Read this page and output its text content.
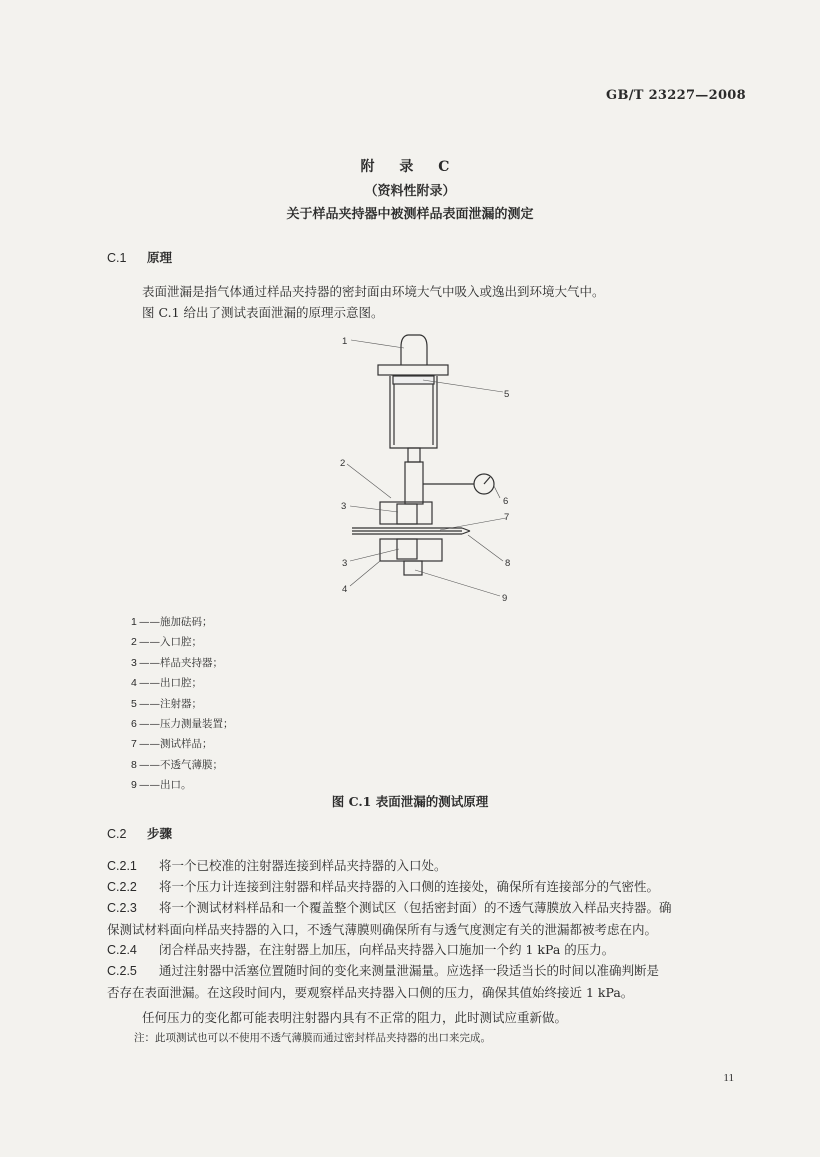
GB/T 23227—2008
附 录 C
（资料性附录）
关于样品夹持器中被测样品表面泄漏的测定
C.1 原理
表面泄漏是指气体通过样品夹持器的密封面由环境大气中吸入或逸出到环境大气中。
图 C.1 给出了测试表面泄漏的原理示意图。
1
2
3
3
4
5
6
7
8
9
1 ——施加砝码；
2 ——入口腔；
3 ——样品夹持器；
4 ——出口腔；
5 ——注射器；
6 ——压力测量装置；
7 ——测试样品；
8 ——不透气薄膜；
9 ——出口。
图 C.1 表面泄漏的测试原理
C.2 步骤
C.2.1 将一个已校准的注射器连接到样品夹持器的入口处。
C.2.2 将一个压力计连接到注射器和样品夹持器的入口侧的连接处，确保所有连接部分的气密性。
C.2.3 将一个测试材料样品和一个覆盖整个测试区（包括密封面）的不透气薄膜放入样品夹持器。确
保测试材料面向样品夹持器的入口，不透气薄膜则确保所有与透气度测定有关的泄漏都被考虑在内。
C.2.4 闭合样品夹持器，在注射器上加压，向样品夹持器入口施加一个约 1 kPa 的压力。
C.2.5 通过注射器中活塞位置随时间的变化来测量泄漏量。应选择一段适当长的时间以准确判断是
否存在表面泄漏。在这段时间内，要观察样品夹持器入口侧的压力，确保其值始终接近 1 kPa。
任何压力的变化都可能表明注射器内具有不正常的阻力，此时测试应重新做。
注：此项测试也可以不使用不透气薄膜而通过密封样品夹持器的出口来完成。
11
